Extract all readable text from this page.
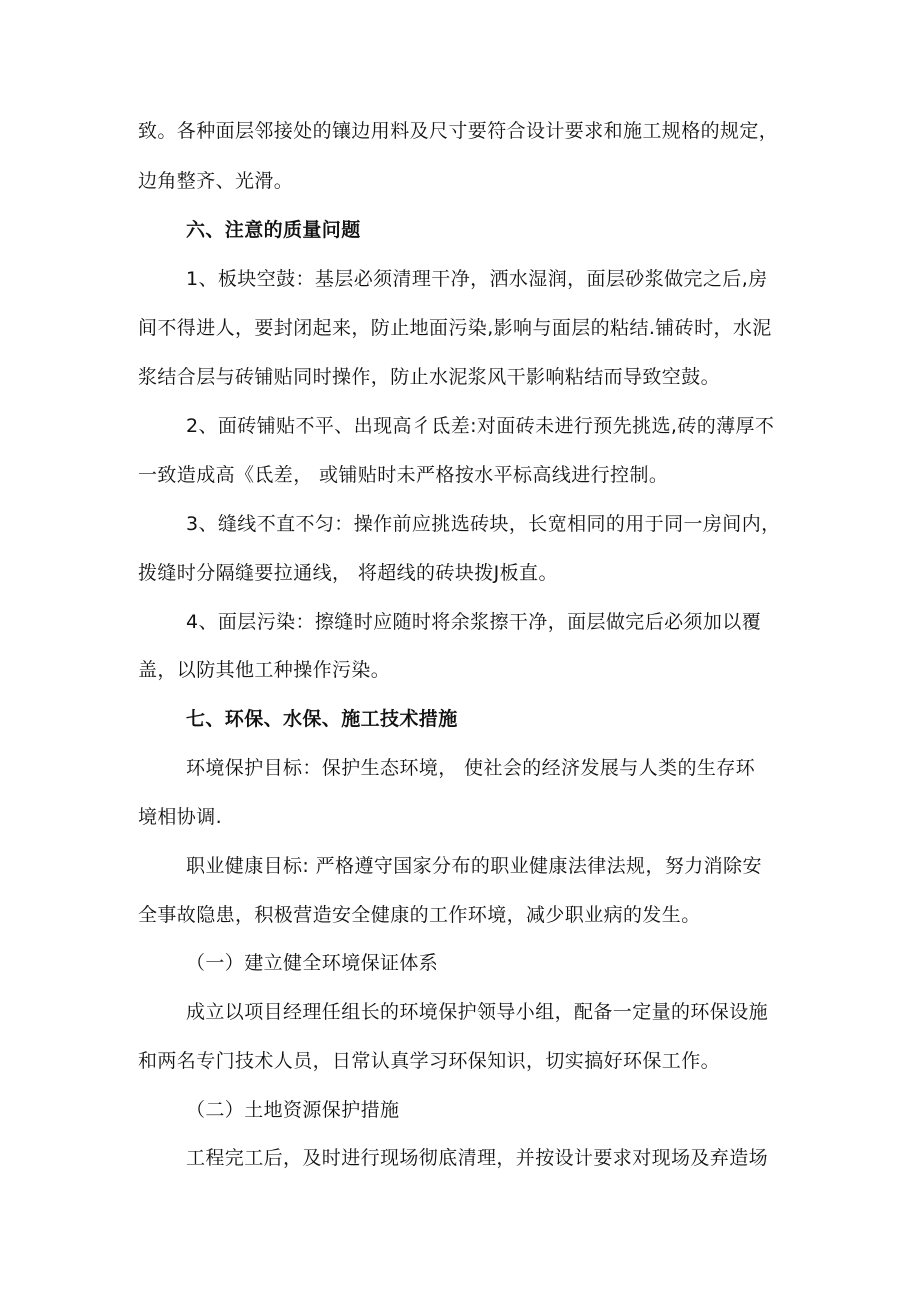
致。各种面层邻接处的镶边用料及尺寸要符合设计要求和施工规格的规定，
边角整齐、光滑。
六、注意的质量问题
1、板块空鼓：基层必须清理干净，洒水湿润，面层砂浆做完之后,房
间不得进人，要封闭起来，防止地面污染,影响与面层的粘结.铺砖时，水泥
浆结合层与砖铺贴同时操作，防止水泥浆风干影响粘结而导致空鼓。
2、面砖铺贴不平、出现高彳氐差:对面砖未进行预先挑选,砖的薄厚不
一致造成高《氐差， 或铺贴时未严格按水平标高线进行控制。
3、缝线不直不匀：操作前应挑选砖块，长宽相同的用于同一房间内，
拨缝时分隔缝要拉通线， 将超线的砖块拨J板直。
4、面层污染：擦缝时应随时将余浆擦干净，面层做完后必须加以覆
盖，以防其他工种操作污染。
七、环保、水保、施工技术措施
环境保护目标：保护生态环境， 使社会的经济发展与人类的生存环
境相协调.
职业健康目标: 严格遵守国家分布的职业健康法律法规，努力消除安
全事故隐患，积极营造安全健康的工作环境，减少职业病的发生。
（一）建立健全环境保证体系
成立以项目经理任组长的环境保护领导小组，配备一定量的环保设施
和两名专门技术人员，日常认真学习环保知识，切实搞好环保工作。
（二）土地资源保护措施
工程完工后，及时进行现场彻底清理，并按设计要求对现场及弃造场
